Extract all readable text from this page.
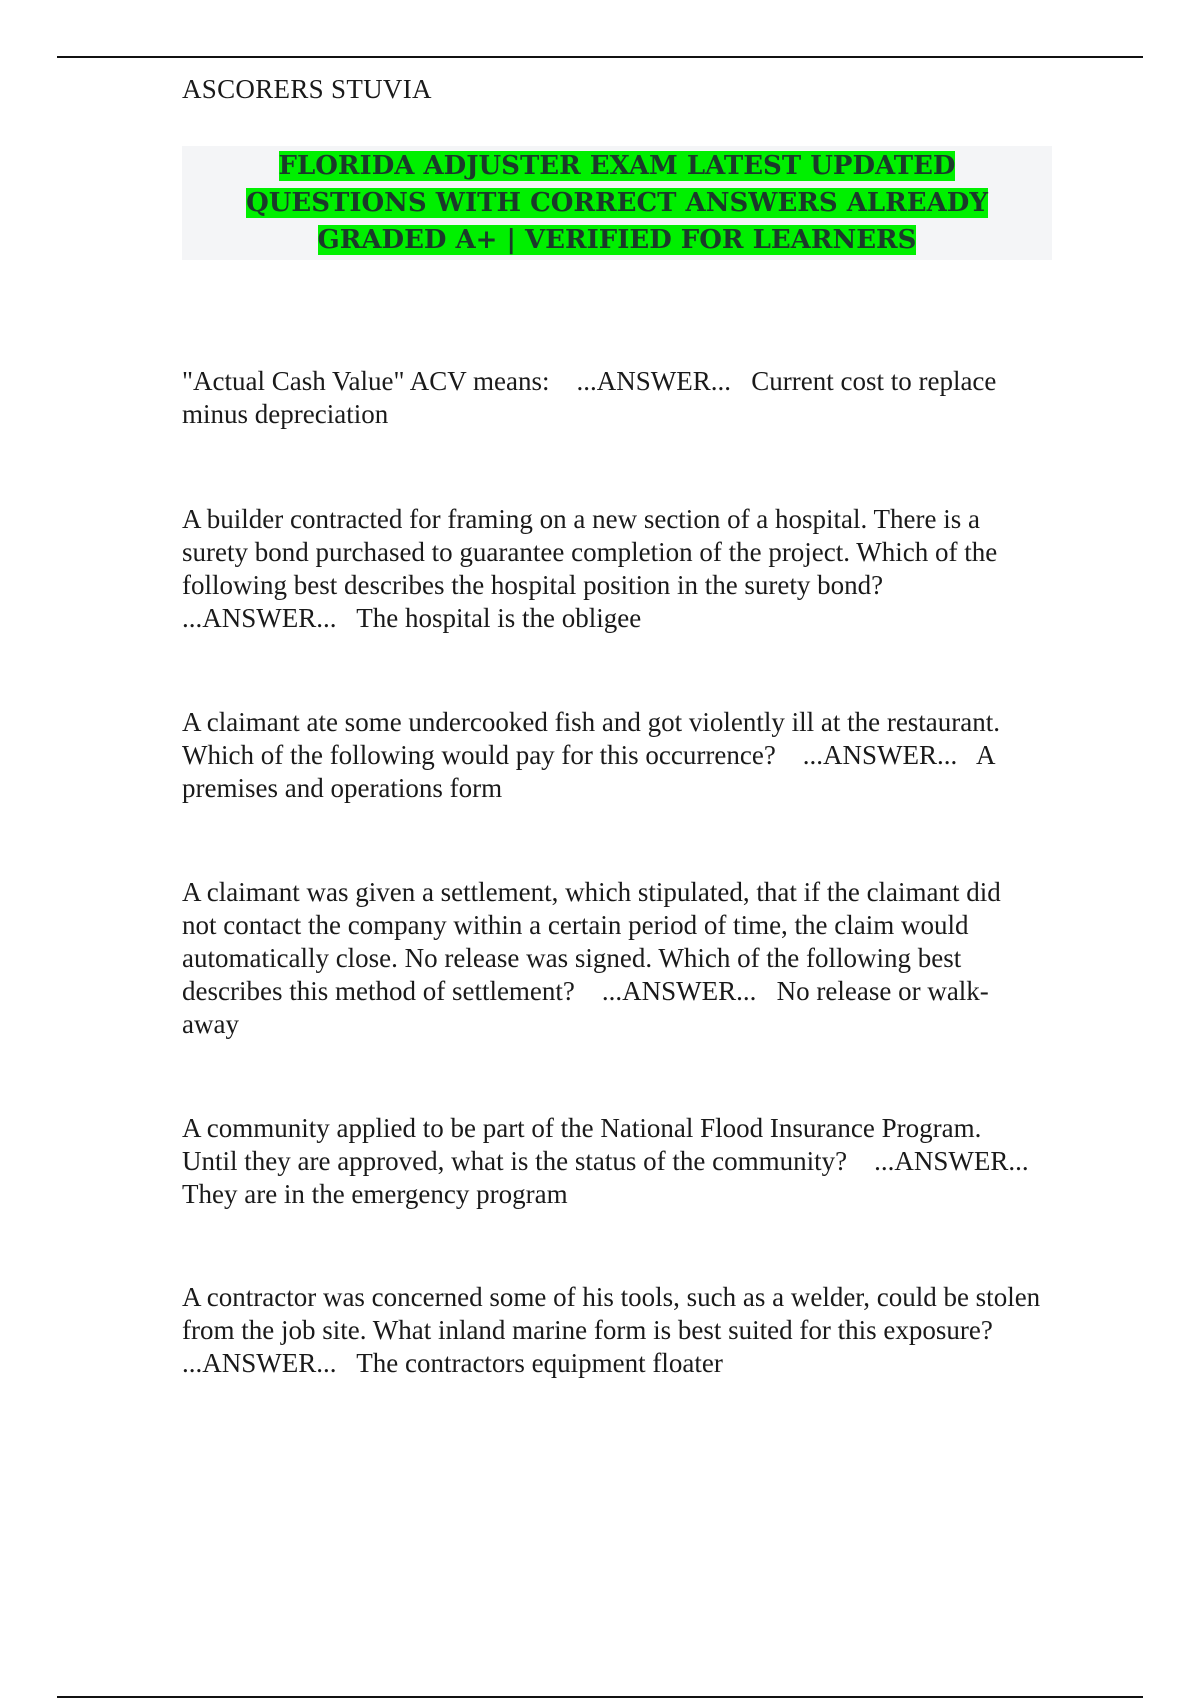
ASCORERS STUVIA
FLORIDA ADJUSTER EXAM LATEST UPDATED QUESTIONS WITH CORRECT ANSWERS ALREADY GRADED A+ | VERIFIED FOR LEARNERS
"Actual Cash Value" ACV means:    ...ANSWER...   Current cost to replace minus depreciation
A builder contracted for framing on a new section of a hospital. There is a surety bond purchased to guarantee completion of the project. Which of the following best describes the hospital position in the surety bond?    ...ANSWER...   The hospital is the obligee
A claimant ate some undercooked fish and got violently ill at the restaurant. Which of the following would pay for this occurrence?    ...ANSWER...   A premises and operations form
A claimant was given a settlement, which stipulated, that if the claimant did not contact the company within a certain period of time, the claim would automatically close. No release was signed. Which of the following best describes this method of settlement?    ...ANSWER...   No release or walk-away
A community applied to be part of the National Flood Insurance Program. Until they are approved, what is the status of the community?    ...ANSWER...   They are in the emergency program
A contractor was concerned some of his tools, such as a welder, could be stolen from the job site. What inland marine form is best suited for this exposure?    ...ANSWER...   The contractors equipment floater
